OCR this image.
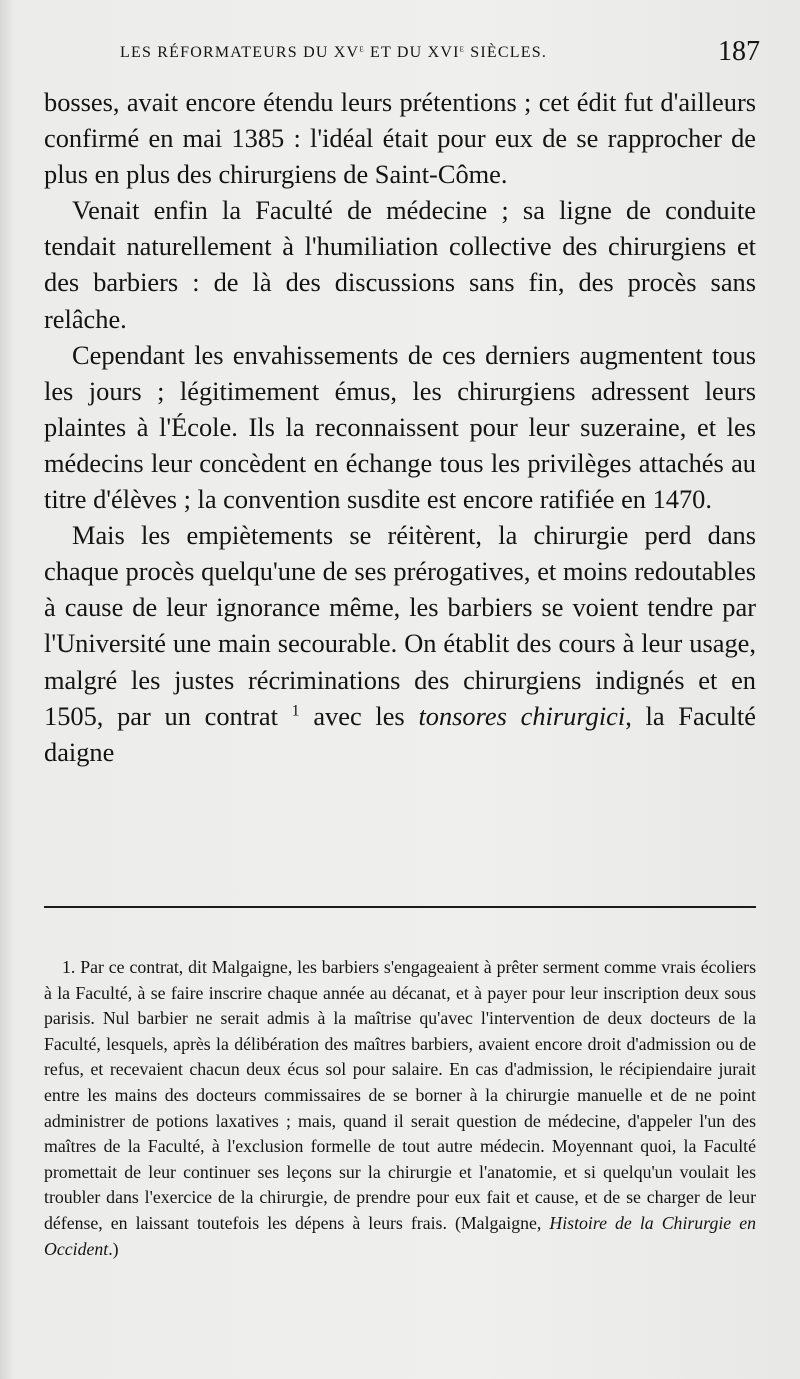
LES RÉFORMATEURS DU XVe ET DU XVIe SIÈCLES.	187

bosses, avait encore étendu leurs prétentions ; cet édit fut d'ailleurs confirmé en mai 1385 : l'idéal était pour eux de se rapprocher de plus en plus des chirurgiens de Saint-Côme.

Venait enfin la Faculté de médecine ; sa ligne de conduite tendait naturellement à l'humiliation collective des chirurgiens et des barbiers : de là des discussions sans fin, des procès sans relâche.

Cependant les envahissements de ces derniers augmentent tous les jours ; légitimement émus, les chirurgiens adressent leurs plaintes à l'École. Ils la reconnaissent pour leur suzeraine, et les médecins leur concèdent en échange tous les privilèges attachés au titre d'élèves ; la convention susdite est encore ratifiée en 1470.

Mais les empiètements se réitèrent, la chirurgie perd dans chaque procès quelqu'une de ses prérogatives, et moins redoutables à cause de leur ignorance même, les barbiers se voient tendre par l'Université une main secourable. On établit des cours à leur usage, malgré les justes récriminations des chirurgiens indignés et en 1505, par un contrat $^1$ avec les tonsores chirurgici, la Faculté daigne

1. Par ce contrat, dit Malgaigne, les barbiers s'engageaient à prêter serment comme vrais écoliers à la Faculté, à se faire inscrire chaque année au décanat, et à payer pour leur inscription deux sous parisis. Nul barbier ne serait admis à la maîtrise qu'avec l'intervention de deux docteurs de la Faculté, lesquels, après la délibération des maîtres barbiers, avaient encore droit d'admission ou de refus, et recevaient chacun deux écus sol pour salaire. En cas d'admission, le récipiendaire jurait entre les mains des docteurs commissaires de se borner à la chirurgie manuelle et de ne point administrer de potions laxatives ; mais, quand il serait question de médecine, d'appeler l'un des maîtres de la Faculté, à l'exclusion formelle de tout autre médecin. Moyennant quoi, la Faculté promettait de leur continuer ses leçons sur la chirurgie et l'anatomie, et si quelqu'un voulait les troubler dans l'exercice de la chirurgie, de prendre pour eux fait et cause, et de se charger de leur défense, en laissant toutefois les dépens à leurs frais. (Malgaigne, Histoire de la Chirurgie en Occident.)
